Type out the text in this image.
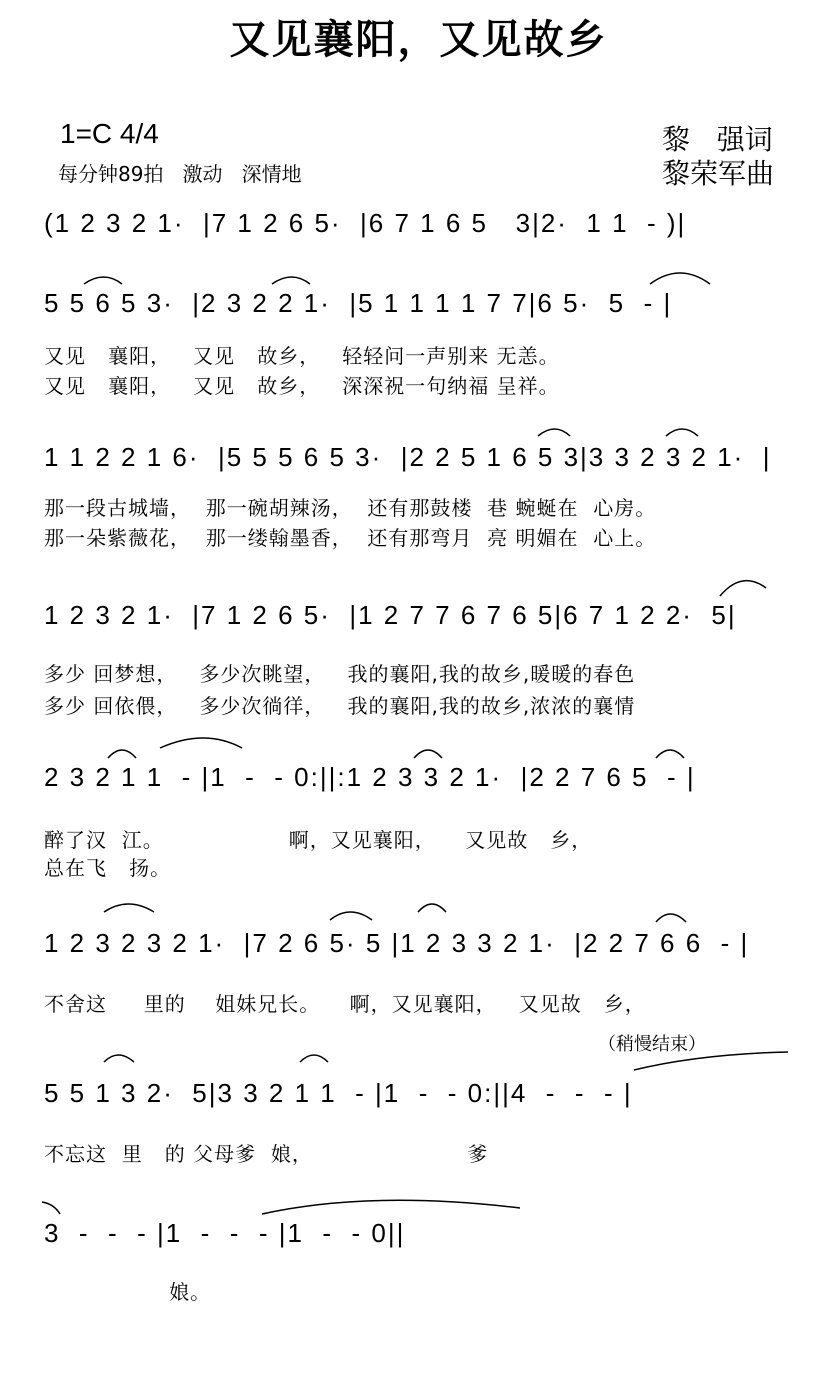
又见襄阳，又见故乡
1=C 4/4
每分钟89拍   激动   深情地
黎   强词
黎荣军曲
(1 2 3 2 1·  |7 1 2 6 5·  |6 7 1 6 5   3|2·  1 1  - )|
5 5 6 5 3·  |2 3 2 2 1·  |5 1 1 1 1 7 7|6 5·  5  - |
又见   襄阳，   又见   故乡，   轻轻问一声别来 无恙。
又见   襄阳，   又见   故乡，   深深祝一句纳福 呈祥。
1 1 2 2 1 6·  |5 5 5 6 5 3·  |2 2 5 1 6 5 3|3 3 2 3 2 1·  |
那一段古城墙，  那一碗胡辣汤，  还有那鼓楼  巷 蜿蜒在  心房。
那一朵紫薇花，  那一缕翰墨香，  还有那弯月  亮 明媚在  心上。
1 2 3 2 1·  |7 1 2 6 5·  |1 2 7 7 6 7 6 5|6 7 1 2 2·  5|
多少 回梦想，   多少次眺望，   我的襄阳,我的故乡,暖暖的春色
多少 回依偎，   多少次徜徉，   我的襄阳,我的故乡,浓浓的襄情
2 3 2 1 1  - |1  -  - 0:||:1 2 3 3 2 1·  |2 2 7 6 5  - |
醉了汉  江。                 啊，又见襄阳，    又见故   乡，
总在飞   扬。
1 2 3 2 3 2 1·  |7 2 6 5· 5 |1 2 3 3 2 1·  |2 2 7 6 6  - |
不舍这     里的    姐妹兄长。    啊，又见襄阳，   又见故   乡，
（稍慢结束）
5 5 1 3 2·  5|3 3 2 1 1  - |1  -  - 0:||4  -  -  - |
不忘这  里   的 父母爹  娘，                     爹
3  -  -  - |1  -  -  - |1  -  - 0||
娘。
